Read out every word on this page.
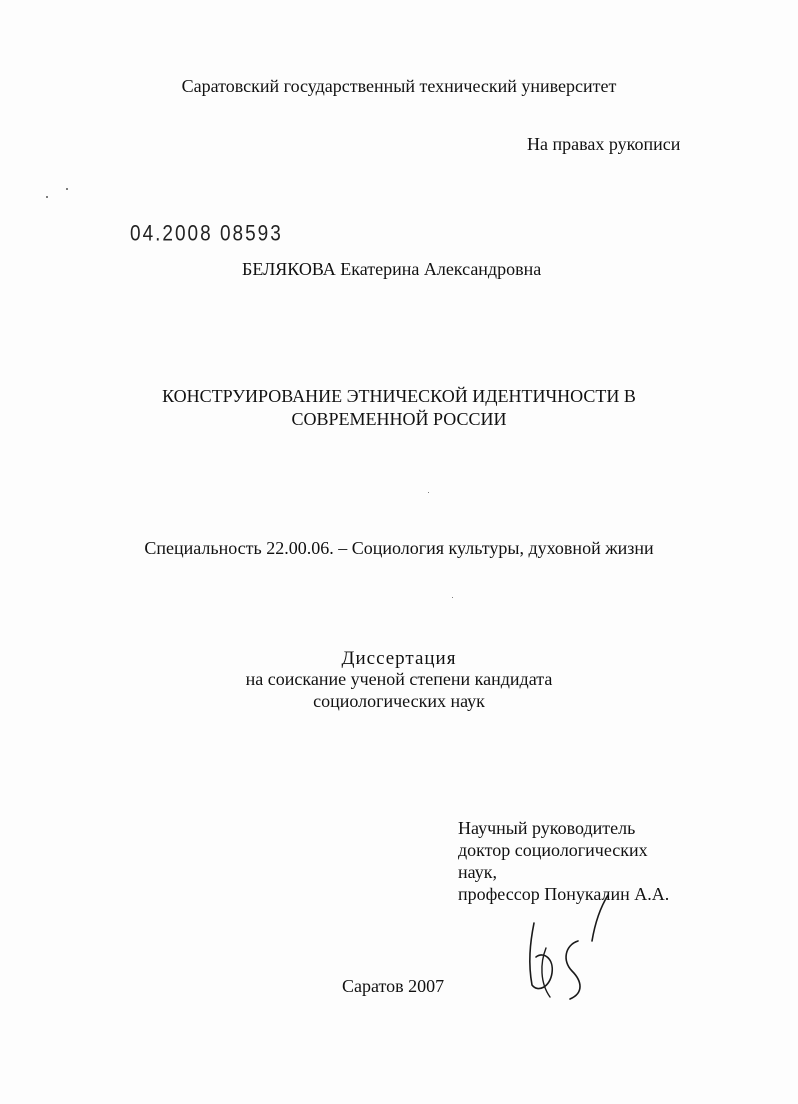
Саратовский государственный технический университет
На правах рукописи
04.2008 08593
БЕЛЯКОВА Екатерина Александровна
КОНСТРУИРОВАНИЕ ЭТНИЧЕСКОЙ ИДЕНТИЧНОСТИ В
СОВРЕМЕННОЙ РОССИИ
Специальность 22.00.06. – Социология культуры, духовной жизни
Диссертация
на соискание ученой степени кандидата
социологических наук
Научный руководитель
доктор социологических
наук,
профессор Понукалин А.А.
Саратов 2007
